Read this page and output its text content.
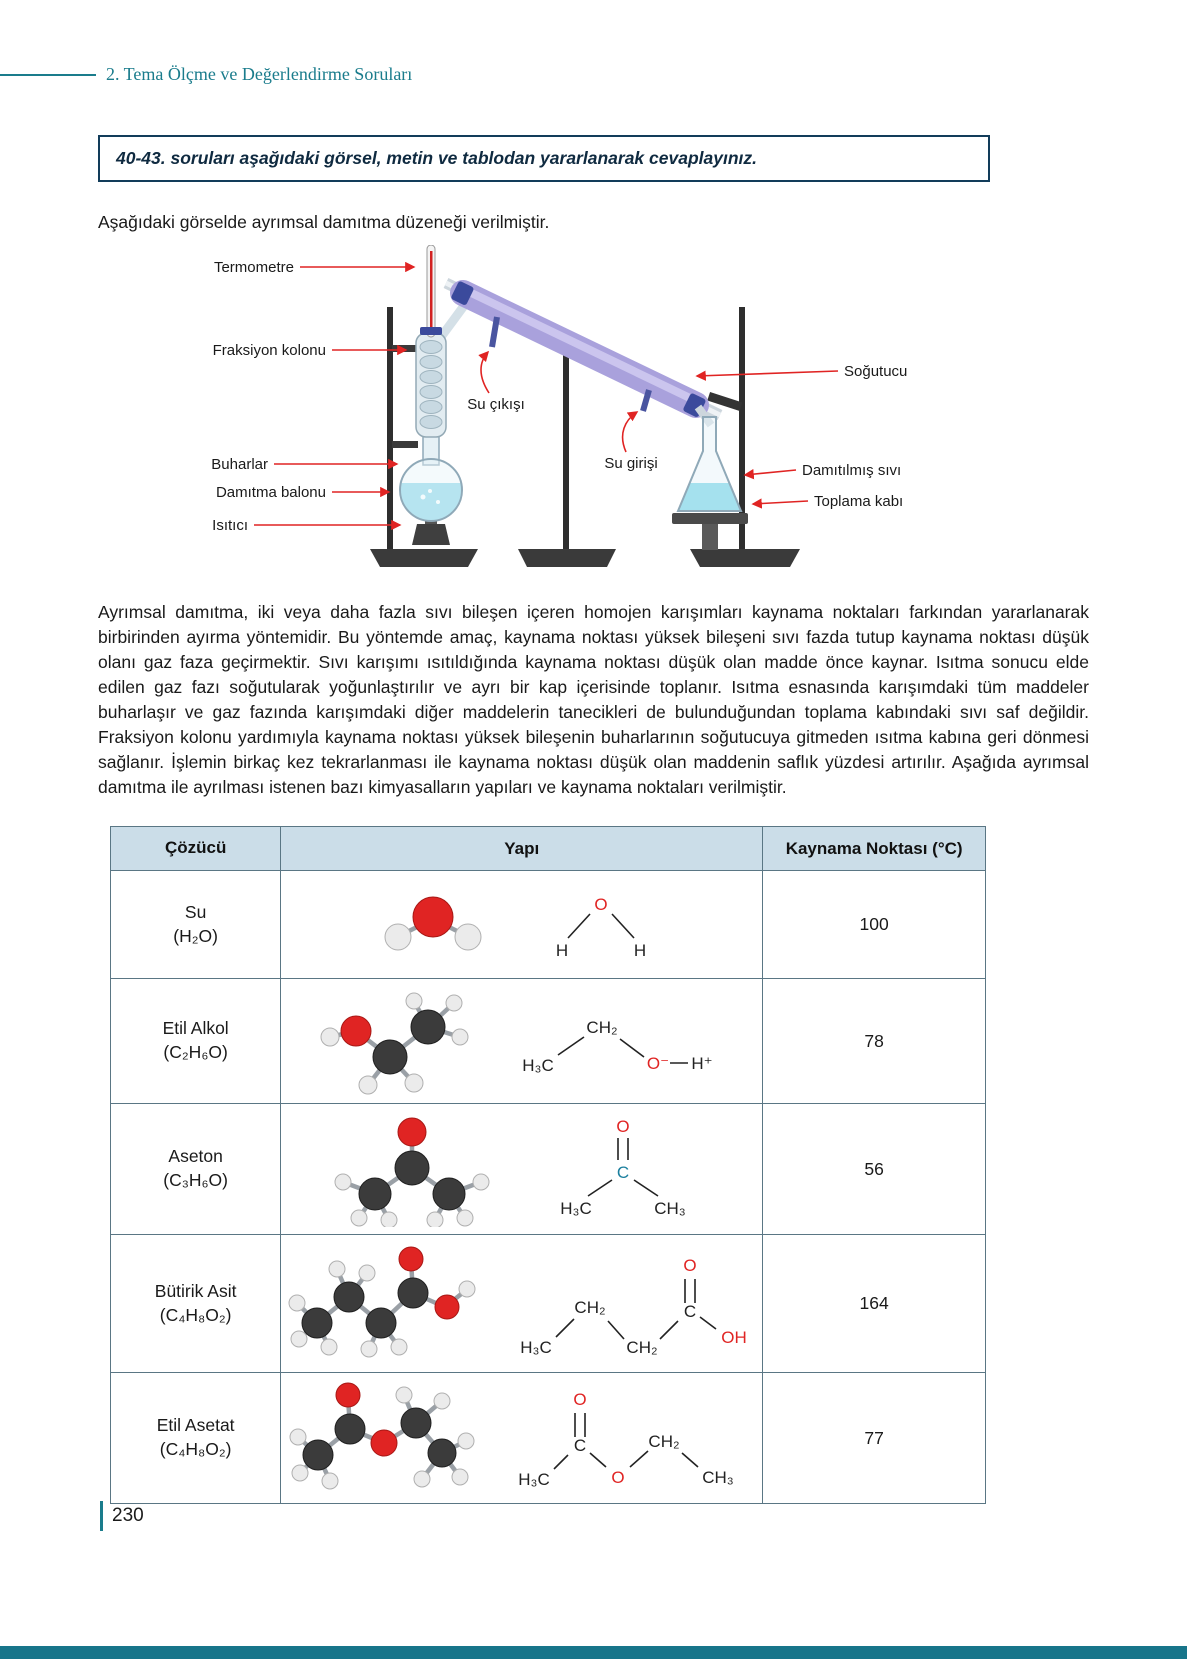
2. Tema Ölçme ve Değerlendirme Soruları
40-43. soruları aşağıdaki görsel, metin ve tablodan yararlanarak cevaplayınız.

Aşağıdaki görselde ayrımsal damıtma düzeneği verilmiştir.

Termometre
Fraksiyon kolonu
Buharlar
Damıtma balonu
Isıtıcı
Su çıkışı
Su girişi
Soğutucu
Damıtılmış sıvı
Toplama kabı

Ayrımsal damıtma, iki veya daha fazla sıvı bileşen içeren homojen karışımları kaynama noktaları farkından yararlanarak birbirinden ayırma yöntemidir. Bu yöntemde amaç, kaynama noktası yüksek bileşeni sıvı fazda tutup kaynama noktası düşük olanı gaz faza geçirmektir. Sıvı karışımı ısıtıldığında kaynama noktası düşük olan madde önce kaynar. Isıtma sonucu elde edilen gaz fazı soğutularak yoğunlaştırılır ve ayrı bir kap içerisinde toplanır. Isıtma esnasında karışımdaki tüm maddeler buharlaşır ve gaz fazında karışımdaki diğer maddelerin tanecikleri de bulunduğundan toplama kabındaki sıvı saf değildir. Fraksiyon kolonu yardımıyla kaynama noktası yüksek bileşenin buharlarının soğutucuya gitmeden ısıtma kabına geri dönmesi sağlanır. İşlemin birkaç kez tekrarlanması ile kaynama noktası düşük olan maddenin saflık yüzdesi artırılır. Aşağıda ayrımsal damıtma ile ayrılması istenen bazı kimyasalların yapıları ve kaynama noktaları verilmiştir.

Çözücü	Yapı	Kaynama Noktası (°C)

Su
(H₂O)

O
H	H
	100

Etil Alkol
(C₂H₆O)

H₃C
CH₂
O⁻ H⁺
	78

Aseton
(C₃H₆O)

O
C
H₃C	CH₃
	56

Bütirik Asit
(C₄H₈O₂)

H₃C
CH₂
CH₂
C
O
OH
	164

Etil Asetat
(C₄H₈O₂)

H₃C
C
O
O
CH₂
CH₃
	77
230
